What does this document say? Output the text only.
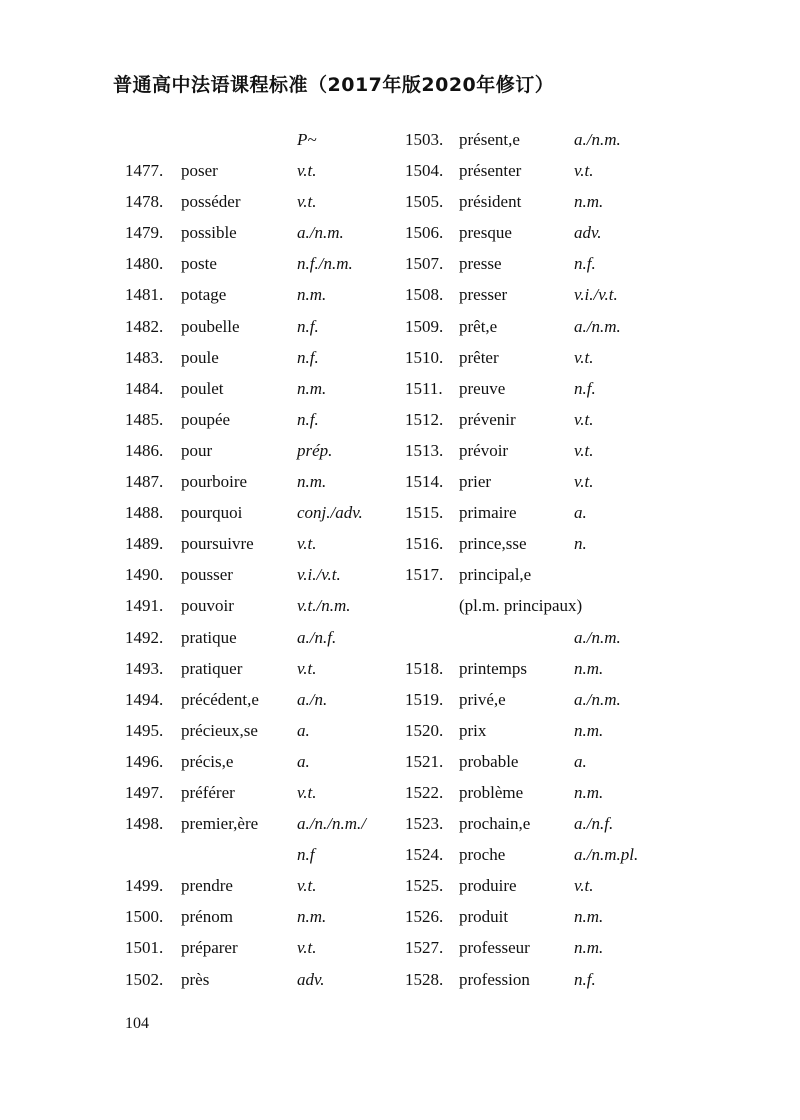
普通高中法语课程标准（2017年版2020年修订）
P~
1477. poser	v.t.
1478. posséder	v.t.
1479. possible	a./n.m.
1480. poste	n.f./n.m.
1481. potage	n.m.
1482. poubelle	n.f.
1483. poule	n.f.
1484. poulet	n.m.
1485. poupée	n.f.
1486. pour	prép.
1487. pourboire	n.m.
1488. pourquoi	conj./adv.
1489. poursuivre	v.t.
1490. pousser	v.i./v.t.
1491. pouvoir	v.t./n.m.
1492. pratique	a./n.f.
1493. pratiquer	v.t.
1494. précédent,e a./n.
1495. précieux,se a.
1496. précis,e	a.
1497. préférer	v.t.
1498. premier,ère a./n./n.m./
n.f
1499. prendre	v.t.
1500. prénom	n.m.
1501. préparer	v.t.
1502. près	adv.
1503. présent,e	a./n.m.
1504. présenter	v.t.
1505. président	n.m.
1506. presque	adv.
1507. presse	n.f.
1508. presser	v.i./v.t.
1509. prêt,e	a./n.m.
1510. prêter	v.t.
1511. preuve	n.f.
1512. prévenir	v.t.
1513. prévoir	v.t.
1514. prier	v.t.
1515. primaire	a.
1516. prince,sse	n.
1517. principal,e
(pl.m. principaux)
a./n.m.
1518. printemps	n.m.
1519. privé,e	a./n.m.
1520. prix	n.m.
1521. probable	a.
1522. problème	n.m.
1523. prochain,e	a./n.f.
1524. proche	a./n.m.pl.
1525. produire	v.t.
1526. produit	n.m.
1527. professeur	n.m.
1528. profession	n.f.
104
